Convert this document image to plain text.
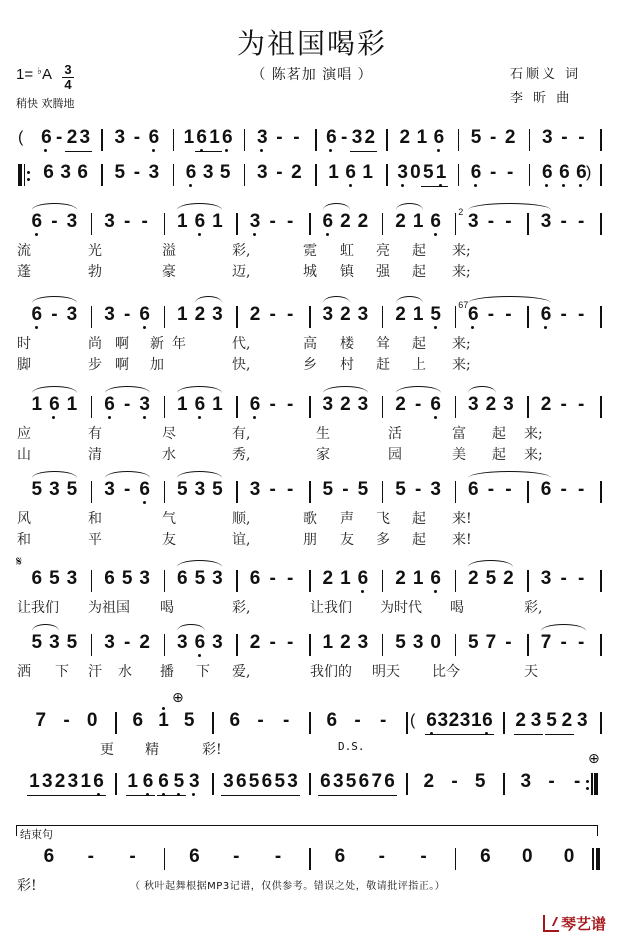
为祖国喝彩
（ 陈茗加 演唱 ）
1= ♭A 3
4
稍快 欢腾地
石顺义 词
李 昕 曲
( 6 - 2 3 3 - 6 1 6 1 6 3 - - 6 - 3 2 2 1 6 5 - 2 3 - -
6 3 6 5 - 3 6 3 5 3 - 2 1 6 1 3 0 5 1 6 - - 6 6 6 )
6 - 3 3 - - 1 6 1 3 - - 6 2 2 2 1 6 3 - - 3 - -
2
流	光	溢	彩,	霓 虹 亮 起 来;
蓬	勃	豪	迈,	城 镇 强 起 来;
6 - 3 3 - 6 1 2 3 2 - - 3 2 3 2 1 5 6 - - 6 - -
67
时	尚 啊 新 年	代,	高 楼 耸 起 来;
脚	步 啊 加	快,	乡 村 赶 上 来;
1 6 1 6 - 3 1 6 1 6 - - 3 2 3 2 - 6 3 2 3 2 - -
应	有	尽	有,	生	活	富 起 来;
山	清	水	秀,	家	园	美 起 来;
5 3 5 3 - 6 5 3 5 3 - - 5 - 5 5 - 3 6 - - 6 - -
风	和	气	顺,	歌 声 飞 起 来!
和	平	友	谊,	朋 友 多 起 来!
6 5 3 6 5 3 6 5 3 6 - - 2 1 6 2 1 6 2 5 2 3 - -
𝄋
让我们 为祖国 喝	彩,	让我们 为时代 喝	彩,
5 3 5 3 - 2 3 6 3 2 - - 1 2 3 5 3 0 5 7 - 7 - -
洒 下 汗 水 播 下 爱,	我们的 明天 比今	天
7 - 0 6 1 5 6 - - 6 - - ( 6 3 2 3 1 6 2 3 5 2 3
⊕
D.S.
更 精	彩!
1 3 2 3 1 6 1 6 6 5 3 3 6 5 6 5 3 6 3 5 6 7 6 2 - 5 3 - -
⊕
6 - -	6 - -	6 - -	6 0 0
彩!
结束句
（ 秋叶起舞根据MP3记谱，仅供参考。错误之处，敬请批评指正。）
琴艺谱
